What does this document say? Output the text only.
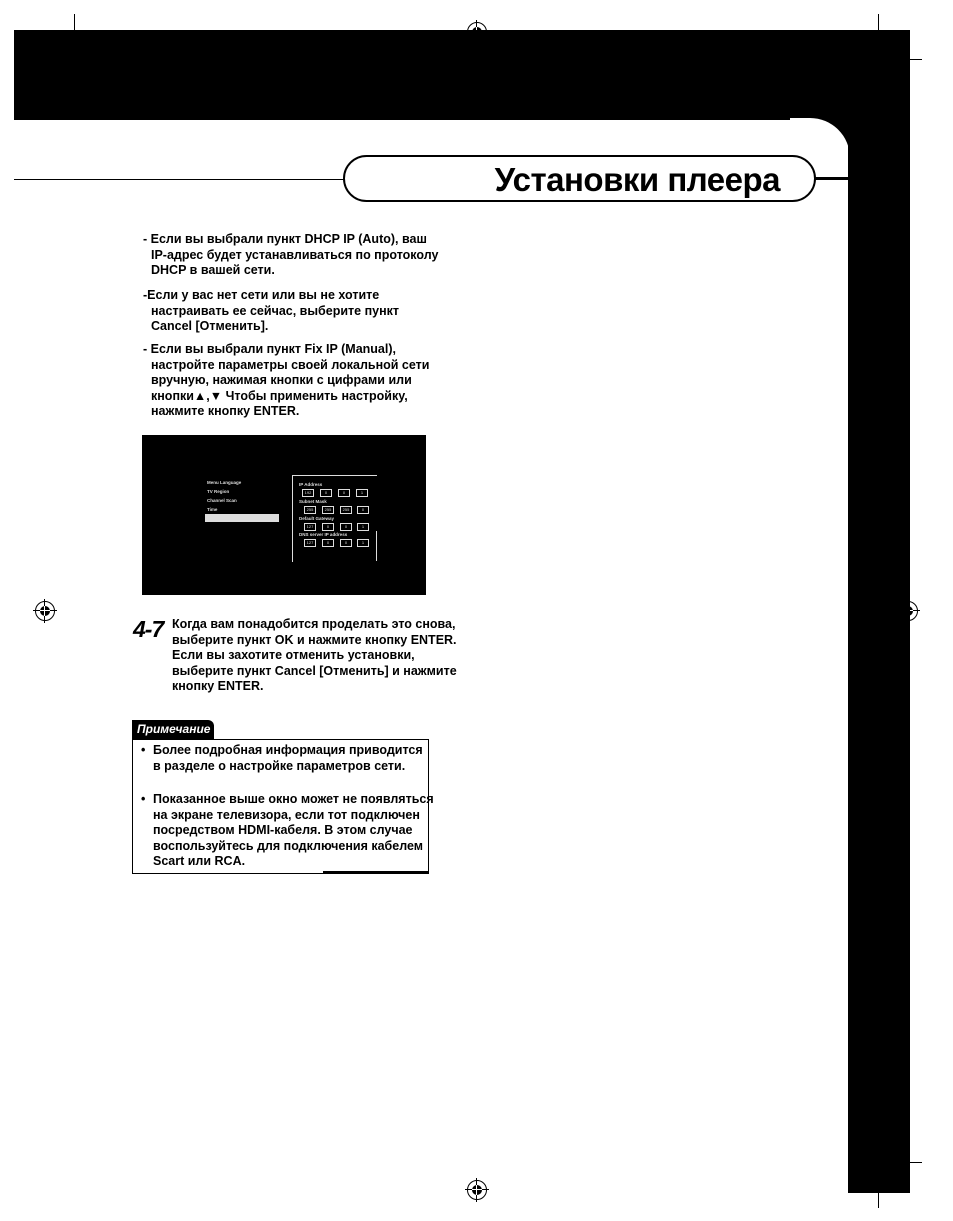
Установки плеера
- Если вы выбрали пункт DHCP IP (Auto), ваш
IP-адрес будет устанавливаться по протоколу
DHCP в вашей сети.
-Если у вас нет сети или вы не хотите
настраивать ее сейчас, выберите пункт
Cancel [Отменить].
- Если вы выбрали пункт Fix IP (Manual),
настройте параметры своей локальной сети
вручную, нажимая кнопки с цифрами или
кнопки▲,▼ Чтобы применить настройку,
нажмите кнопку ENTER.
Menu Language
TV Region
Channel Scan
Time
IP Address
192	0	0	1
Subnet Mask
255	255	255	0
Default Gateway
127	0	0	1
DNS server IP address
127	0	0	1
4-7 Когда вам понадобится проделать это снова,
выберите пункт OK и нажмите кнопку ENTER.
Если вы захотите отменить установки,
выберите пункт Cancel [Отменить] и нажмите
кнопку ENTER.
Примечание
• Более подробная информация приводится
в разделе о настройке параметров сети.
• Показанное выше окно может не появляться
на экране телевизора, если тот подключен
посредством HDMI-кабеля. В этом случае
воспользуйтесь для подключения кабелем
Scart или RCA.
